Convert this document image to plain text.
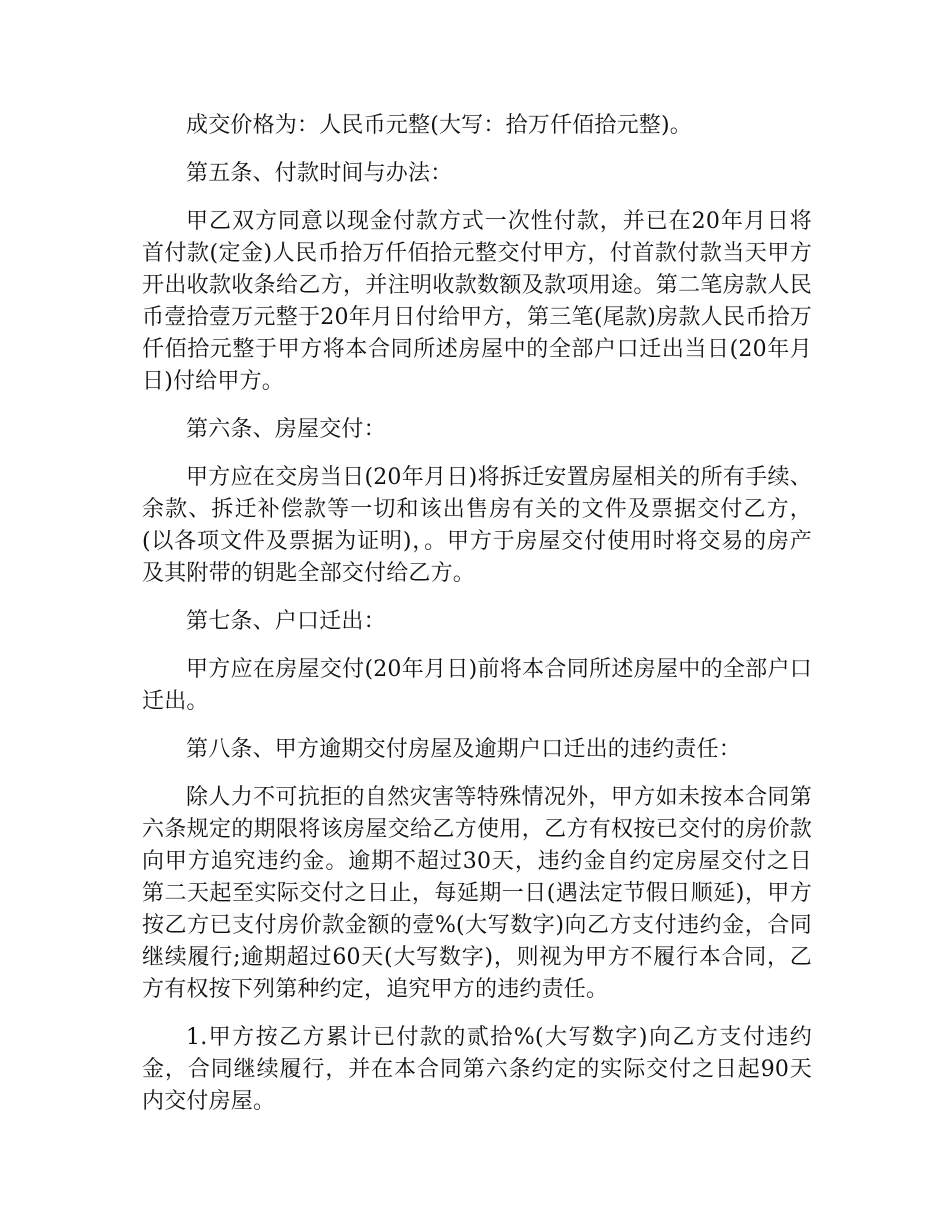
成交价格为：人民币元整(大写：拾万仟佰拾元整)。

第五条、付款时间与办法：

甲乙双方同意以现金付款方式一次性付款，并已在20年月日将首付款(定金)人民币拾万仟佰拾元整交付甲方，付首款付款当天甲方开出收款收条给乙方，并注明收款数额及款项用途。第二笔房款人民币壹拾壹万元整于20年月日付给甲方，第三笔(尾款)房款人民币拾万仟佰拾元整于甲方将本合同所述房屋中的全部户口迁出当日(20年月日)付给甲方。

第六条、房屋交付：

甲方应在交房当日(20年月日)将拆迁安置房屋相关的所有手续、余款、拆迁补偿款等一切和该出售房有关的文件及票据交付乙方，(以各项文件及票据为证明)，。甲方于房屋交付使用时将交易的房产及其附带的钥匙全部交付给乙方。

第七条、户口迁出：

甲方应在房屋交付(20年月日)前将本合同所述房屋中的全部户口迁出。

第八条、甲方逾期交付房屋及逾期户口迁出的违约责任：

除人力不可抗拒的自然灾害等特殊情况外，甲方如未按本合同第六条规定的期限将该房屋交给乙方使用，乙方有权按已交付的房价款向甲方追究违约金。逾期不超过30天，违约金自约定房屋交付之日第二天起至实际交付之日止，每延期一日(遇法定节假日顺延)，甲方按乙方已支付房价款金额的壹%(大写数字)向乙方支付违约金，合同继续履行;逾期超过60天(大写数字)，则视为甲方不履行本合同，乙方有权按下列第种约定，追究甲方的违约责任。

1.甲方按乙方累计已付款的贰拾%(大写数字)向乙方支付违约金，合同继续履行，并在本合同第六条约定的实际交付之日起90天内交付房屋。
